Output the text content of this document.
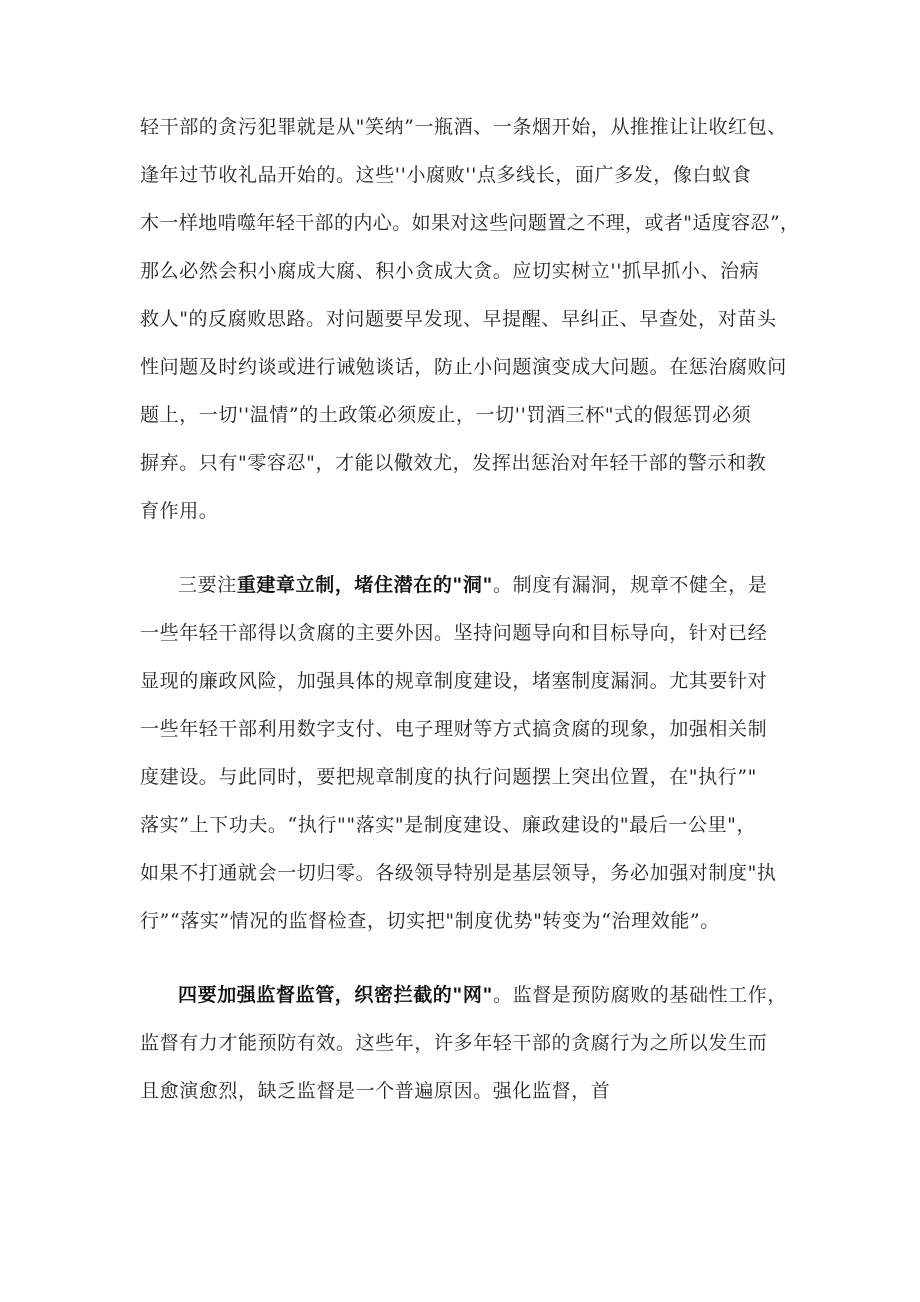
轻干部的贪污犯罪就是从"笑纳”一瓶酒、一条烟开始，从推推让让收红包、
逢年过节收礼品开始的。这些''小腐败''点多线长，面广多发，像白蚁食
木一样地啃噬年轻干部的内心。如果对这些问题置之不理，或者"适度容忍”，
那么必然会积小腐成大腐、积小贪成大贪。应切实树立''抓早抓小、治病
救人"的反腐败思路。对问题要早发现、早提醒、早纠正、早查处，对苗头
性问题及时约谈或进行诫勉谈话，防止小问题演变成大问题。在惩治腐败问
题上，一切''温情”的土政策必须废止，一切''罚酒三杯"式的假惩罚必须
摒弃。只有"零容忍"，才能以儆效尤，发挥出惩治对年轻干部的警示和教
育作用。
三要注重建章立制，堵住潜在的"洞"。制度有漏洞，规章不健全，是
一些年轻干部得以贪腐的主要外因。坚持问题导向和目标导向，针对已经
显现的廉政风险，加强具体的规章制度建设，堵塞制度漏洞。尤其要针对
一些年轻干部利用数字支付、电子理财等方式搞贪腐的现象，加强相关制
度建设。与此同时，要把规章制度的执行问题摆上突出位置，在"执行”"
落实”上下功夫。“执行""落实"是制度建设、廉政建设的"最后一公里"，
如果不打通就会一切归零。各级领导特别是基层领导，务必加强对制度"执
行”“落实”情况的监督检查，切实把"制度优势"转变为“治理效能”。
四要加强监督监管，织密拦截的"网"。监督是预防腐败的基础性工作，
监督有力才能预防有效。这些年，许多年轻干部的贪腐行为之所以发生而
且愈演愈烈，缺乏监督是一个普遍原因。强化监督，首
